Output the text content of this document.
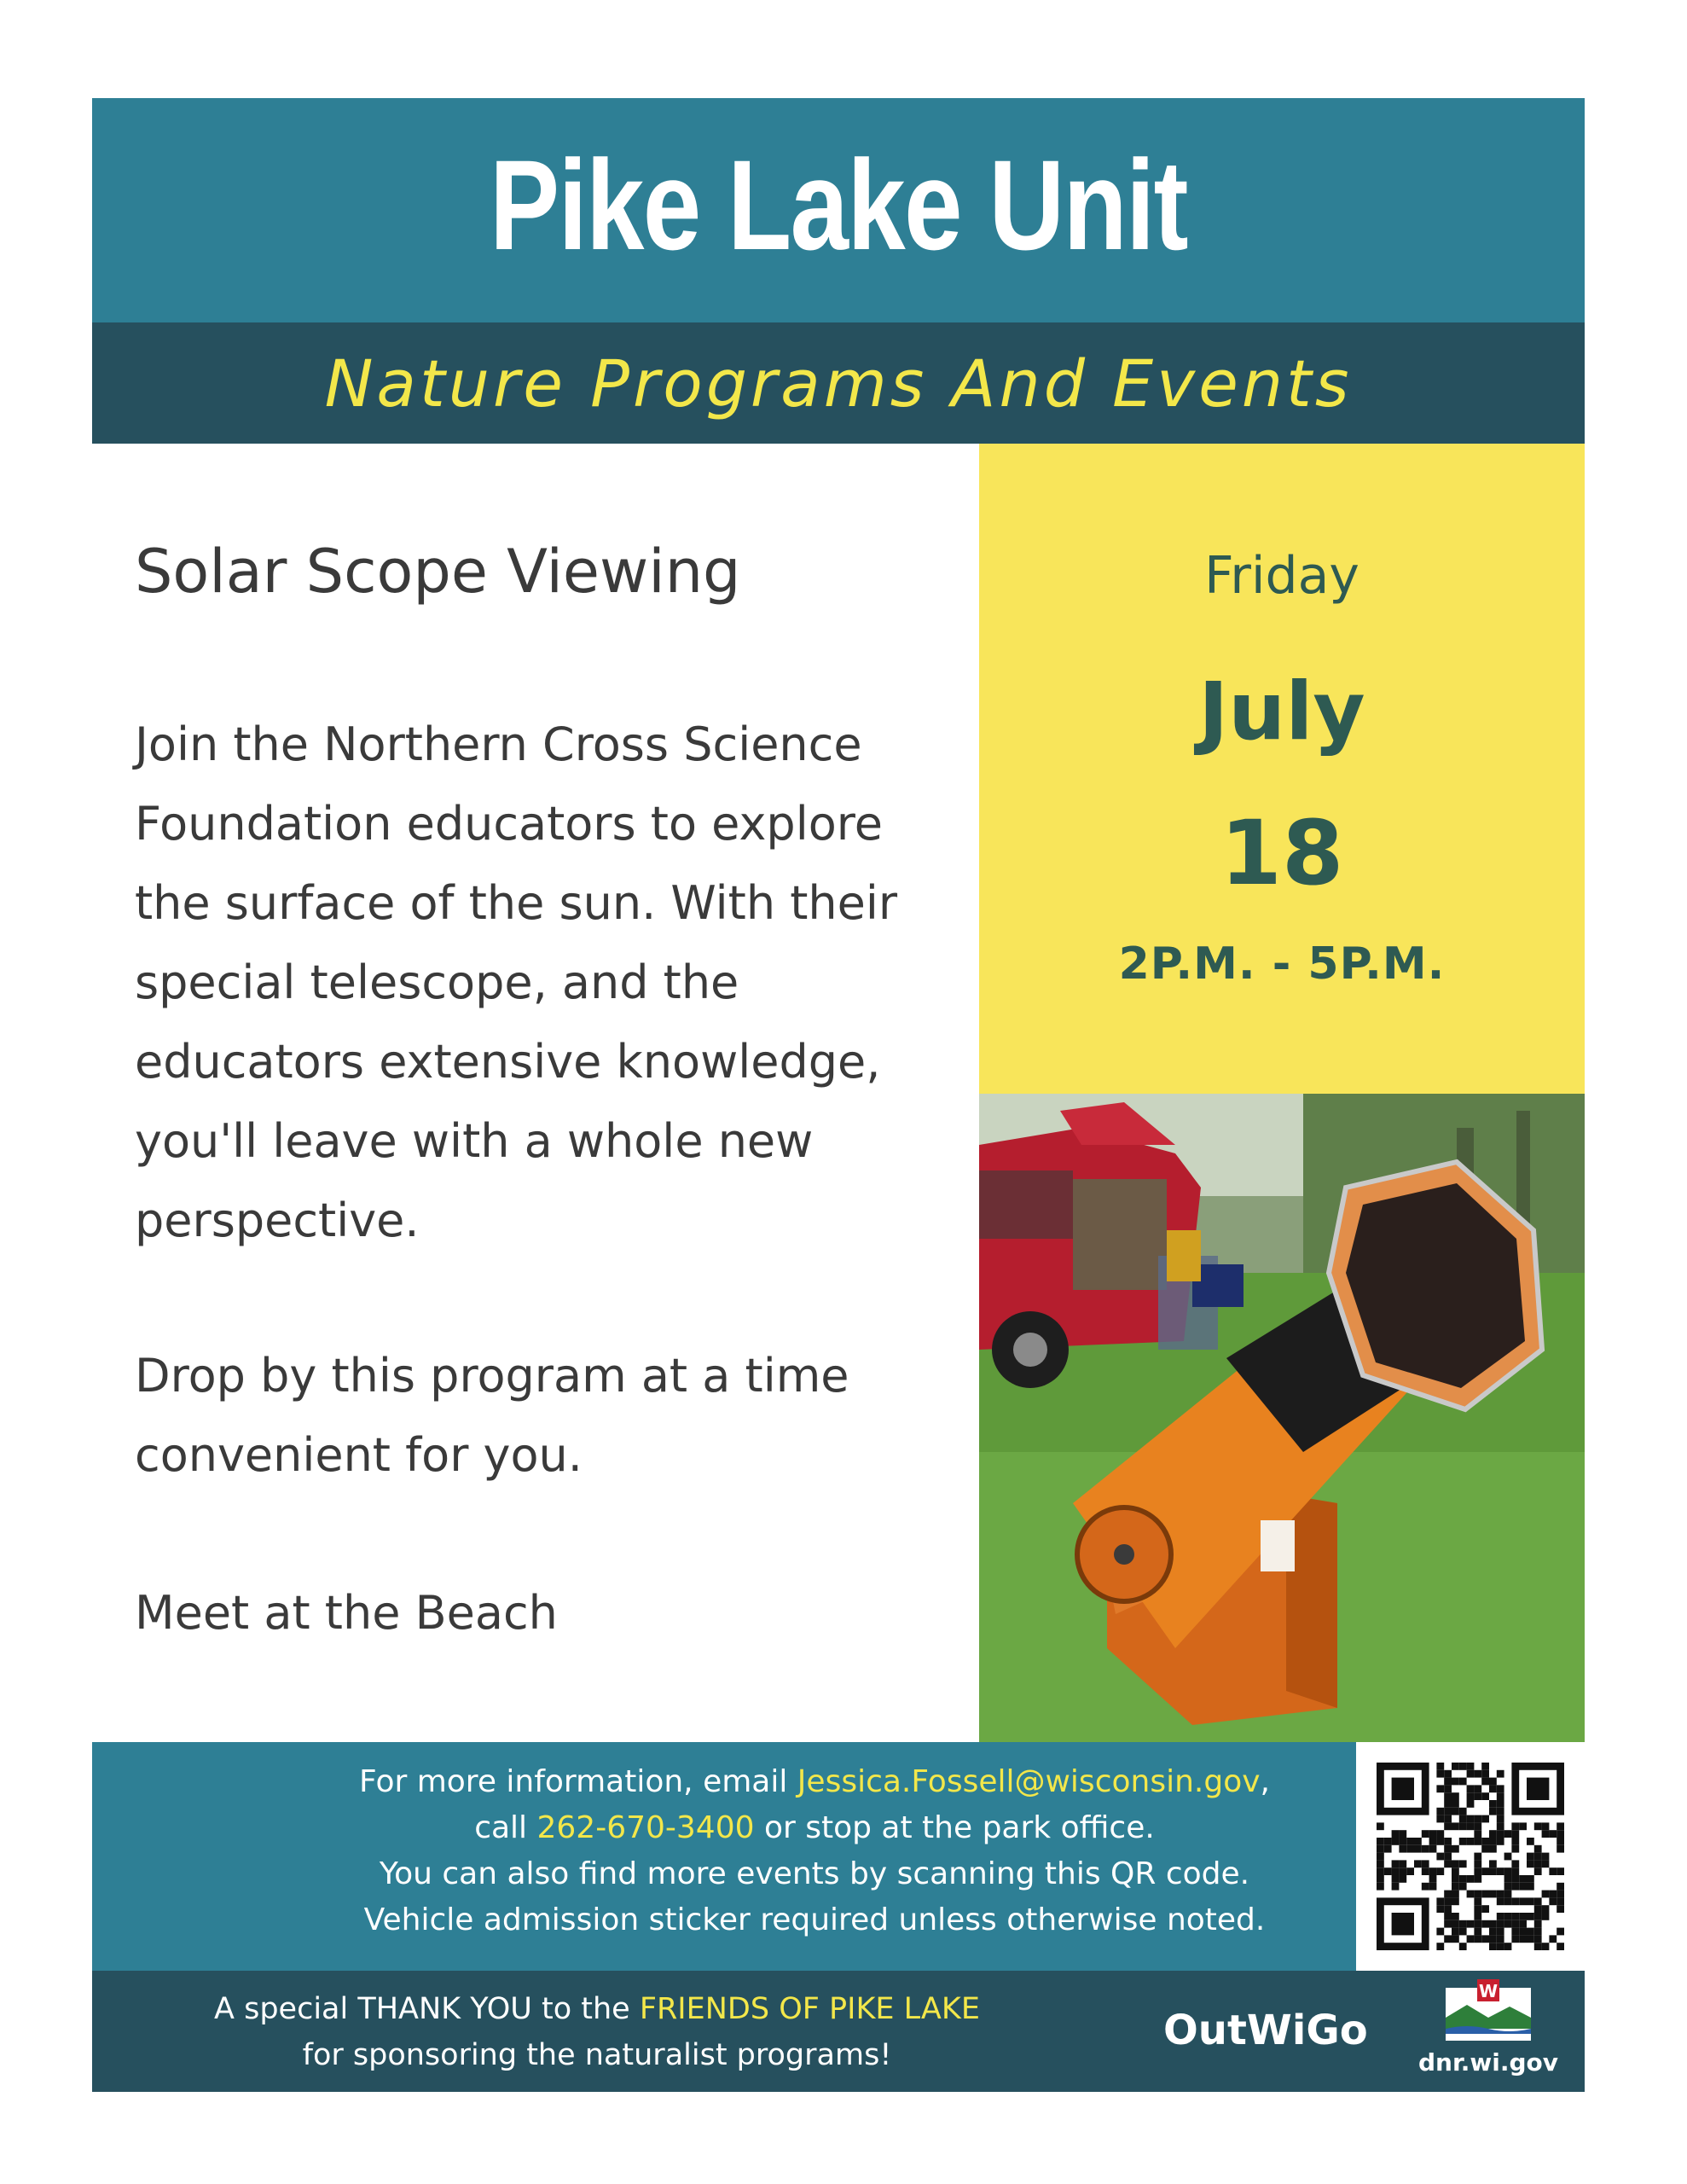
Pike Lake Unit
Nature Programs And Events
Solar Scope Viewing
Join the Northern Cross Science Foundation educators to explore the surface of the sun. With their special telescope, and the educators extensive knowledge, you'll leave with a whole new perspective.
Drop by this program at a time convenient for you.
Meet at the Beach
Friday
July
18
2P.M. - 5P.M.
For more information, email Jessica.Fossell@wisconsin.gov,
call 262-670-3400 or stop at the park office.
You can also find more events by scanning this QR code.
Vehicle admission sticker required unless otherwise noted.
A special THANK YOU to the FRIENDS OF PIKE LAKE
for sponsoring the naturalist programs!
OutWiGo
W
dnr.wi.gov
